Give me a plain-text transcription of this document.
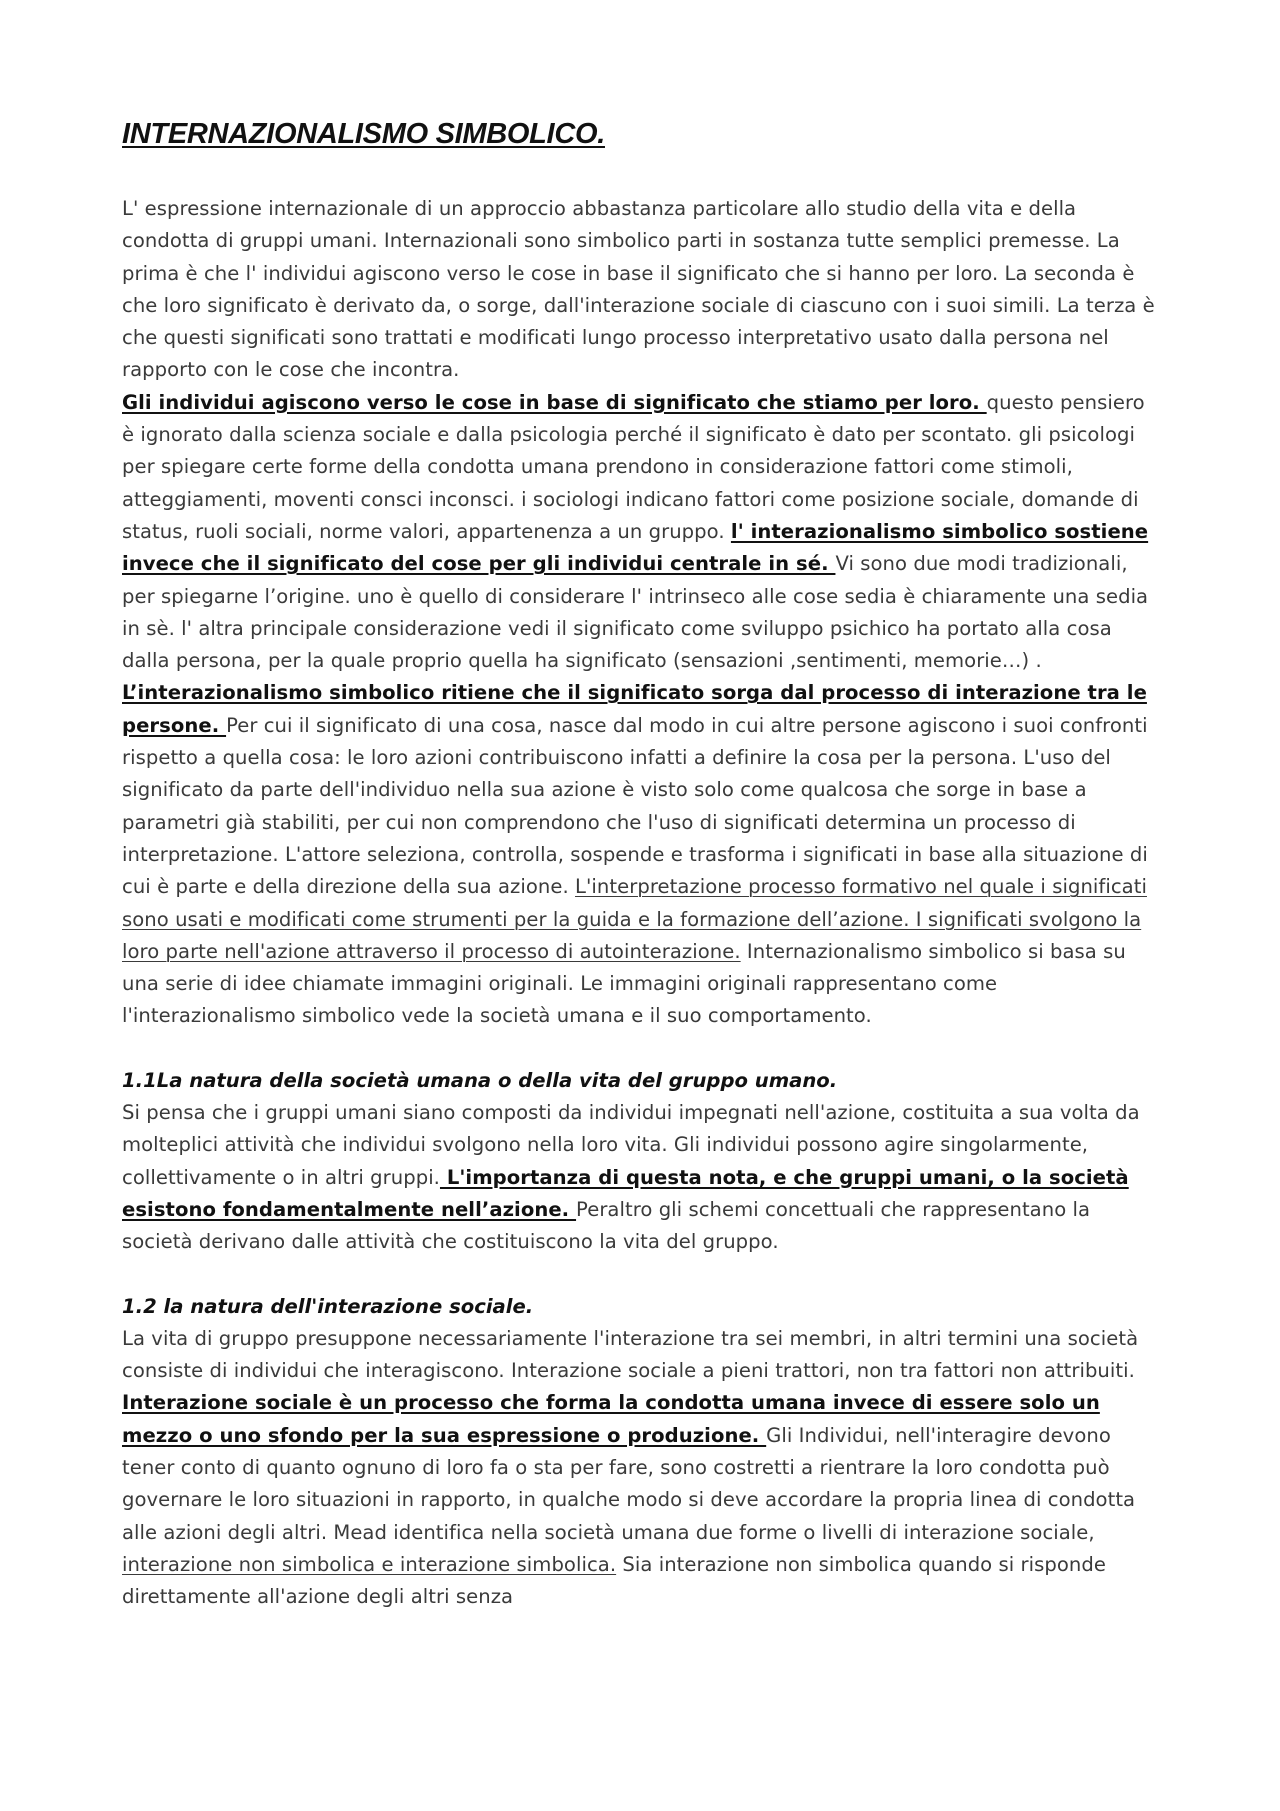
INTERNAZIONALISMO SIMBOLICO.

L' espressione internazionale di un approccio abbastanza particolare allo studio della vita e della condotta di gruppi umani. Internazionali sono simbolico parti in sostanza tutte semplici premesse. La prima è che l' individui agiscono verso le cose in base il significato che si hanno per loro. La seconda è che loro significato è derivato da, o sorge, dall'interazione sociale di ciascuno con i suoi simili. La terza è che questi significati sono trattati e modificati lungo processo interpretativo usato dalla persona nel rapporto con le cose che incontra.

Gli individui agiscono verso le cose in base di significato che stiamo per loro. questo pensiero è ignorato dalla scienza sociale e dalla psicologia perché il significato è dato per scontato. gli psicologi per spiegare certe forme della condotta umana prendono in considerazione fattori come stimoli, atteggiamenti, moventi consci inconsci. i sociologi indicano fattori come posizione sociale, domande di status, ruoli sociali, norme valori, appartenenza a un gruppo. l' interazionalismo simbolico sostiene invece che il significato del cose per gli individui centrale in sé. Vi sono due modi tradizionali, per spiegarne l’origine. uno è quello di considerare l' intrinseco alle cose sedia è chiaramente una sedia in sè. l' altra principale considerazione vedi il significato come sviluppo psichico ha portato alla cosa dalla persona, per la quale proprio quella ha significato (sensazioni ,sentimenti, memorie…) .

L’interazionalismo simbolico ritiene che il significato sorga dal processo di interazione tra le persone. Per cui il significato di una cosa, nasce dal modo in cui altre persone agiscono i suoi confronti rispetto a quella cosa: le loro azioni contribuiscono infatti a definire la cosa per la persona. L'uso del significato da parte dell'individuo nella sua azione è visto solo come qualcosa che sorge in base a parametri già stabiliti, per cui non comprendono che l'uso di significati determina un processo di interpretazione. L'attore seleziona, controlla, sospende e trasforma i significati in base alla situazione di cui è parte e della direzione della sua azione. L'interpretazione processo formativo nel quale i significati sono usati e modificati come strumenti per la guida e la formazione dell’azione. I significati svolgono la loro parte nell'azione attraverso il processo di autointerazione. Internazionalismo simbolico si basa su una serie di idee chiamate immagini originali. Le immagini originali rappresentano come l'interazionalismo simbolico vede la società umana e il suo comportamento.

1.1La natura della società umana o della vita del gruppo umano.

Si pensa che i gruppi umani siano composti da individui impegnati nell'azione, costituita a sua volta da molteplici attività che individui svolgono nella loro vita. Gli individui possono agire singolarmente, collettivamente o in altri gruppi. L'importanza di questa nota, e che gruppi umani, o la società esistono fondamentalmente nell’azione. Peraltro gli schemi concettuali che rappresentano la società derivano dalle attività che costituiscono la vita del gruppo.

1.2 la natura dell'interazione sociale.

La vita di gruppo presuppone necessariamente l'interazione tra sei membri, in altri termini una società consiste di individui che interagiscono. Interazione sociale a pieni trattori, non tra fattori non attribuiti. Interazione sociale è un processo che forma la condotta umana invece di essere solo un mezzo o uno sfondo per la sua espressione o produzione. Gli Individui, nell'interagire devono tener conto di quanto ognuno di loro fa o sta per fare, sono costretti a rientrare la loro condotta può governare le loro situazioni in rapporto, in qualche modo si deve accordare la propria linea di condotta alle azioni degli altri. Mead identifica nella società umana due forme o livelli di interazione sociale, interazione non simbolica e interazione simbolica. Sia interazione non simbolica quando si risponde direttamente all'azione degli altri senza
